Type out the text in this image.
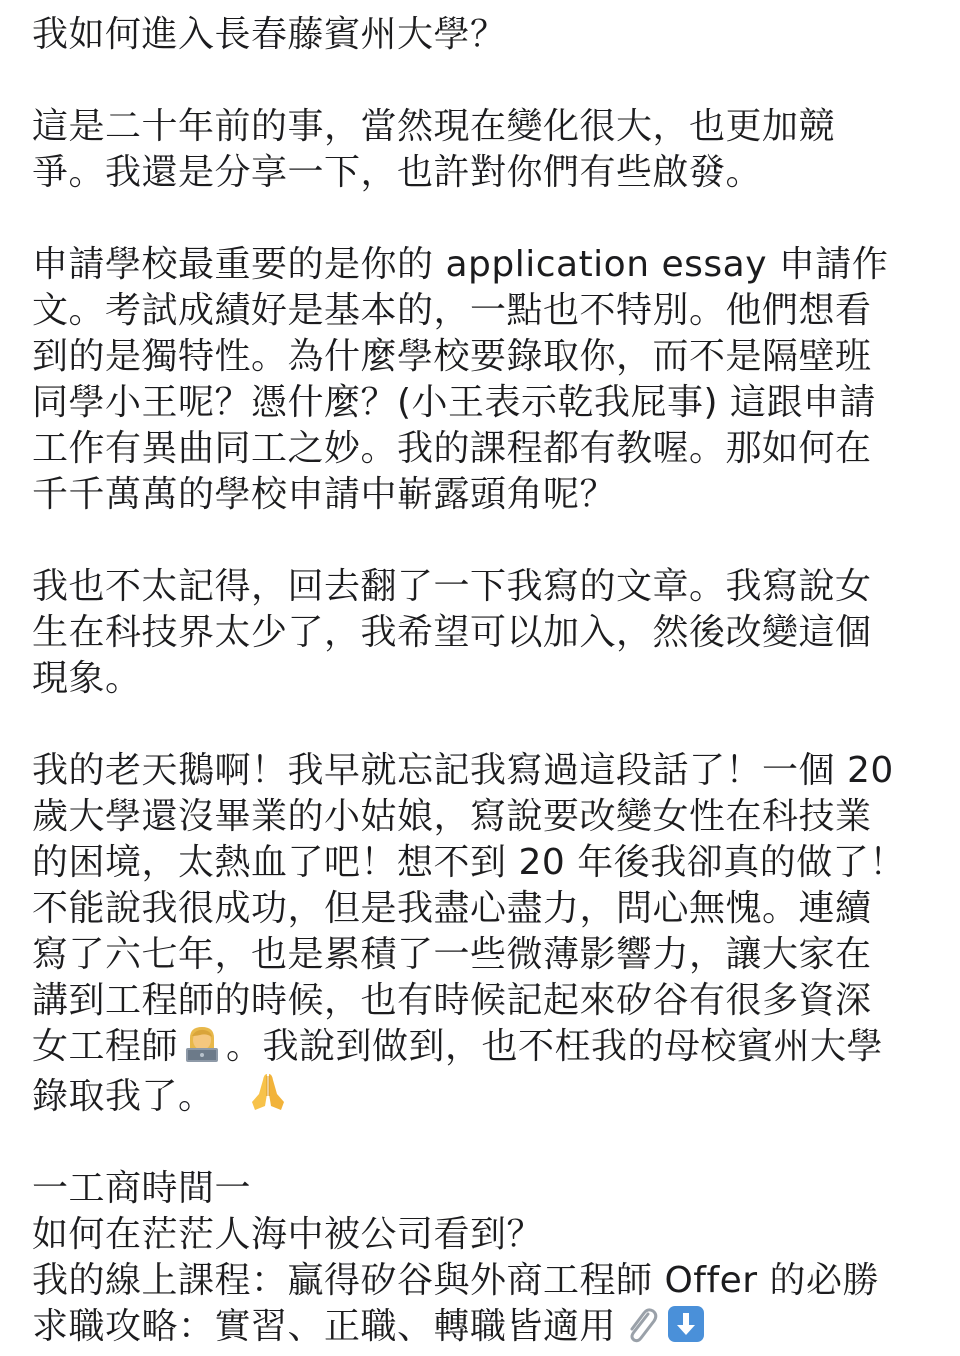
我如何進入長春藤賓州大學？
這是二十年前的事，當然現在變化很大，也更加競
爭。我還是分享一下，也許對你們有些啟發。
申請學校最重要的是你的 application essay 申請作
文。考試成績好是基本的，一點也不特別。他們想看
到的是獨特性。為什麼學校要錄取你，而不是隔壁班
同學小王呢？憑什麼？(小王表示乾我屁事) 這跟申請
工作有異曲同工之妙。我的課程都有教喔。那如何在
千千萬萬的學校申請中嶄露頭角呢？
我也不太記得，回去翻了一下我寫的文章。我寫說女
生在科技界太少了，我希望可以加入，然後改變這個
現象。
我的老天鵝啊！我早就忘記我寫過這段話了！一個 20
歲大學還沒畢業的小姑娘，寫說要改變女性在科技業
的困境，太熱血了吧！想不到 20 年後我卻真的做了！
不能說我很成功，但是我盡心盡力，問心無愧。連續
寫了六七年，也是累積了一些微薄影響力，讓大家在
講到工程師的時候，也有時候記起來矽谷有很多資深
女工程師 。我說到做到，也不枉我的母校賓州大學
錄取我了。
一工商時間一
如何在茫茫人海中被公司看到？
我的線上課程：贏得矽谷與外商工程師 Offer 的必勝
求職攻略：實習、正職、轉職皆適用
